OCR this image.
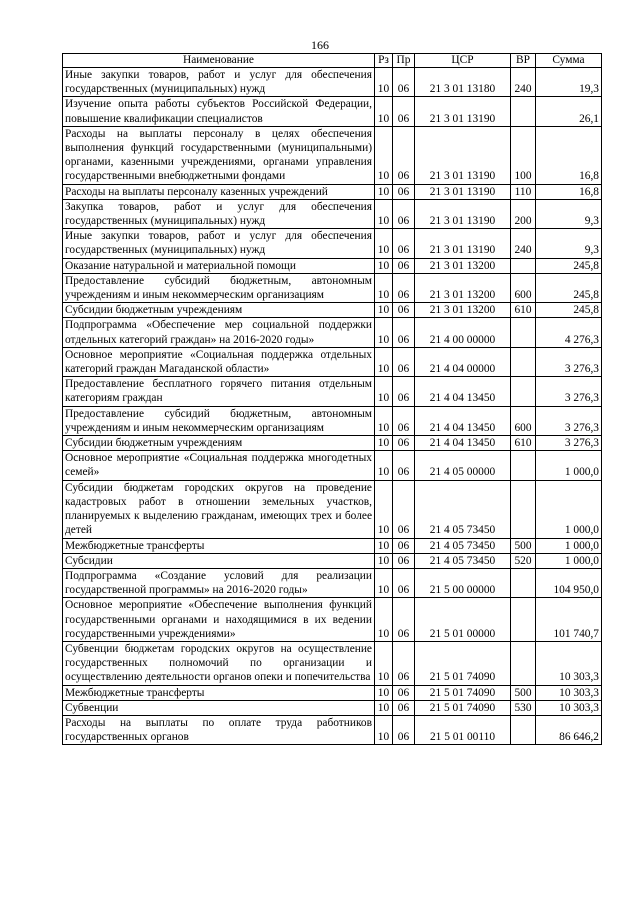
166
Наименование	Рз	Пр	ЦСР	ВР	Сумма
Иные закупки товаров, работ и услуг для обеспечения государственных (муниципальных) нужд	10	06	21 3 01 13180	240	19,3
Изучение опыта работы субъектов Российской Федерации, повышение квалификации специалистов	10	06	21 3 01 13190		26,1
Расходы на выплаты персоналу в целях обеспечения выполнения функций государственными (муниципальными) органами, казенными учреждениями, органами управления государственными внебюджетными фондами	10	06	21 3 01 13190	100	16,8
Расходы на выплаты персоналу казенных учреждений	10	06	21 3 01 13190	110	16,8
Закупка товаров, работ и услуг для обеспечения государственных (муниципальных) нужд	10	06	21 3 01 13190	200	9,3
Иные закупки товаров, работ и услуг для обеспечения государственных (муниципальных) нужд	10	06	21 3 01 13190	240	9,3
Оказание натуральной и материальной помощи	10	06	21 3 01 13200		245,8
Предоставление субсидий бюджетным, автономным учреждениям и иным некоммерческим организациям	10	06	21 3 01 13200	600	245,8
Субсидии бюджетным учреждениям	10	06	21 3 01 13200	610	245,8
Подпрограмма «Обеспечение мер социальной поддержки отдельных категорий граждан» на 2016-2020 годы»	10	06	21 4 00 00000		4 276,3
Основное мероприятие «Социальная поддержка отдельных категорий граждан Магаданской области»	10	06	21 4 04 00000		3 276,3
Предоставление бесплатного горячего питания отдельным категориям граждан	10	06	21 4 04 13450		3 276,3
Предоставление субсидий бюджетным, автономным учреждениям и иным некоммерческим организациям	10	06	21 4 04 13450	600	3 276,3
Субсидии бюджетным учреждениям	10	06	21 4 04 13450	610	3 276,3
Основное мероприятие «Социальная поддержка многодетных семей»	10	06	21 4 05 00000		1 000,0
Субсидии бюджетам городских округов на проведение кадастровых работ в отношении земельных участков, планируемых к выделению гражданам, имеющих трех и более детей	10	06	21 4 05 73450		1 000,0
Межбюджетные трансферты	10	06	21 4 05 73450	500	1 000,0
Субсидии	10	06	21 4 05 73450	520	1 000,0
Подпрограмма «Создание условий для реализации государственной программы» на 2016-2020 годы»	10	06	21 5 00 00000		104 950,0
Основное мероприятие «Обеспечение выполнения функций государственными органами и находящимися в их ведении государственными учреждениями»	10	06	21 5 01 00000		101 740,7
Субвенции бюджетам городских округов на осуществление государственных полномочий по организации и осуществлению деятельности органов опеки и попечительства	10	06	21 5 01 74090		10 303,3
Межбюджетные трансферты	10	06	21 5 01 74090	500	10 303,3
Субвенции	10	06	21 5 01 74090	530	10 303,3
Расходы на выплаты по оплате труда работников государственных органов	10	06	21 5 01 00110		86 646,2
